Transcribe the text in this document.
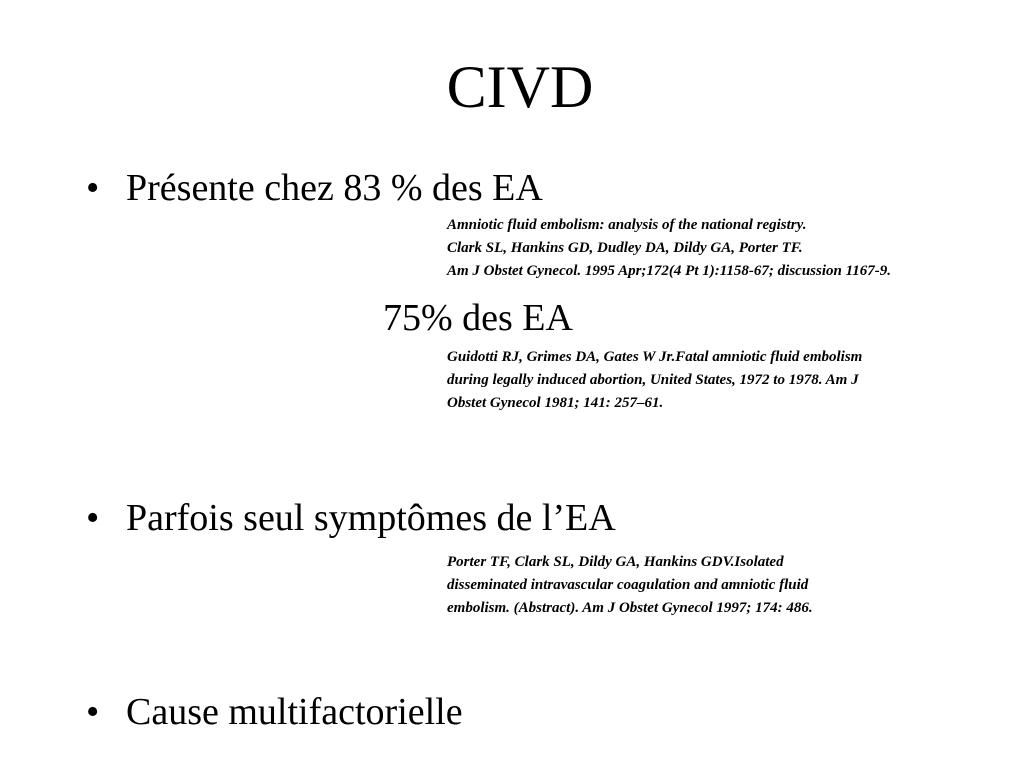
CIVD
• Présente chez 83 % des EA
Amniotic fluid embolism: analysis of the national registry.
Clark SL, Hankins GD, Dudley DA, Dildy GA, Porter TF.
Am J Obstet Gynecol. 1995 Apr;172(4 Pt 1):1158-67; discussion 1167-9.
75% des EA
Guidotti RJ, Grimes DA, Gates W Jr.Fatal amniotic fluid embolism
during legally induced abortion, United States, 1972 to 1978. Am J
Obstet Gynecol 1981; 141: 257–61.
• Parfois seul symptômes de l’EA
Porter TF, Clark SL, Dildy GA, Hankins GDV.Isolated
disseminated intravascular coagulation and amniotic fluid
embolism. (Abstract). Am J Obstet Gynecol 1997; 174: 486.
• Cause multifactorielle
